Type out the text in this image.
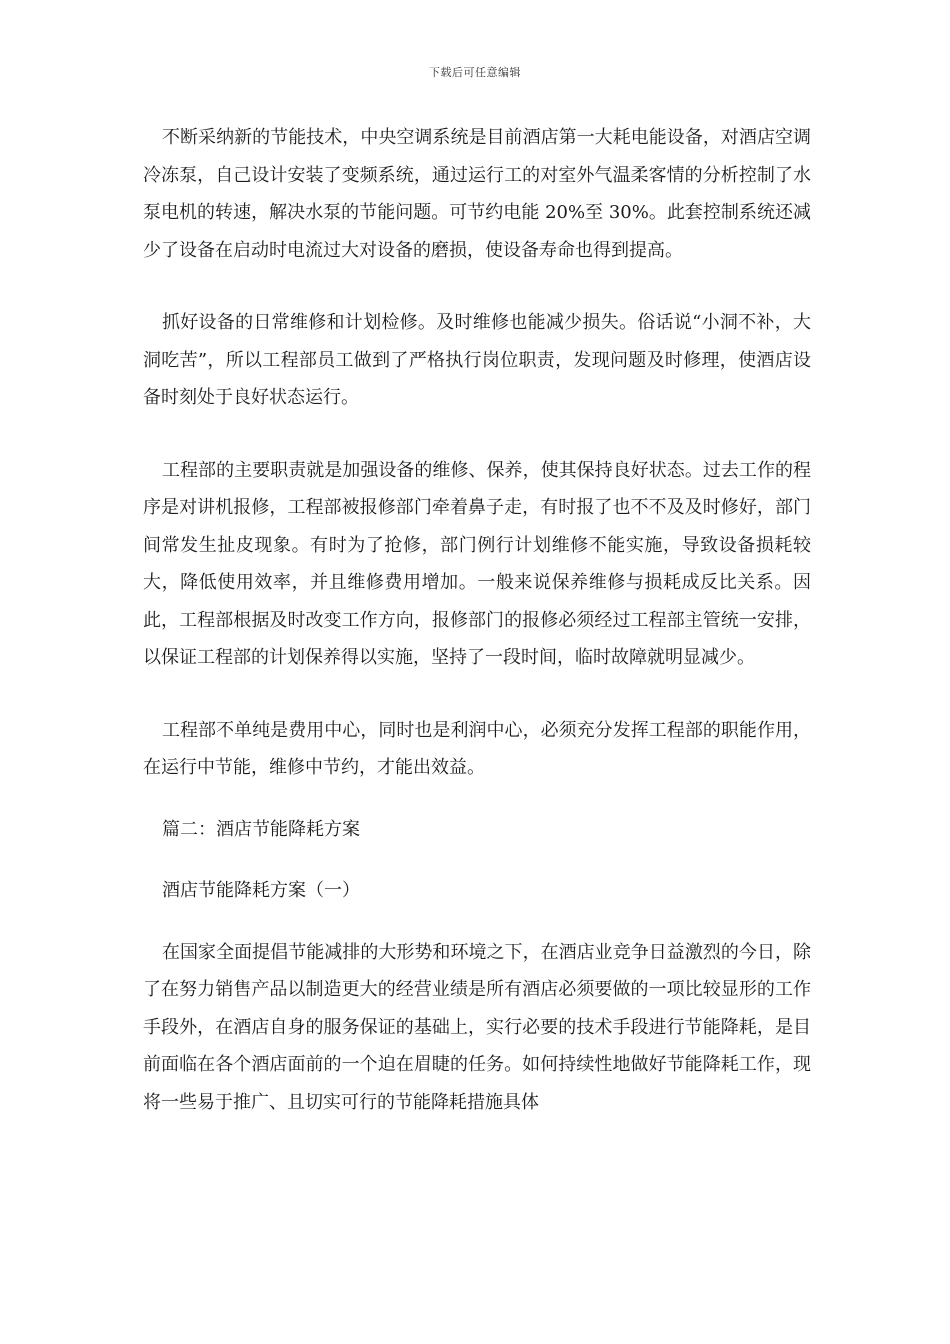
下载后可任意编辑

不断采纳新的节能技术，中央空调系统是目前酒店第一大耗电能设备，对酒店空调冷冻泵，自己设计安装了变频系统，通过运行工的对室外气温柔客情的分析控制了水泵电机的转速，解决水泵的节能问题。可节约电能 20%至 30%。此套控制系统还减少了设备在启动时电流过大对设备的磨损，使设备寿命也得到提高。

抓好设备的日常维修和计划检修。及时维修也能减少损失。俗话说“小洞不补，大洞吃苦”，所以工程部员工做到了严格执行岗位职责，发现问题及时修理，使酒店设备时刻处于良好状态运行。

工程部的主要职责就是加强设备的维修、保养，使其保持良好状态。过去工作的程序是对讲机报修，工程部被报修部门牵着鼻子走，有时报了也不不及及时修好，部门间常发生扯皮现象。有时为了抢修，部门例行计划维修不能实施，导致设备损耗较大，降低使用效率，并且维修费用增加。一般来说保养维修与损耗成反比关系。因此，工程部根据及时改变工作方向，报修部门的报修必须经过工程部主管统一安排，以保证工程部的计划保养得以实施，坚持了一段时间，临时故障就明显减少。

工程部不单纯是费用中心，同时也是利润中心，必须充分发挥工程部的职能作用，在运行中节能，维修中节约，才能出效益。

篇二：酒店节能降耗方案

酒店节能降耗方案（一）

在国家全面提倡节能减排的大形势和环境之下，在酒店业竞争日益激烈的今日，除了在努力销售产品以制造更大的经营业绩是所有酒店必须要做的一项比较显形的工作手段外，在酒店自身的服务保证的基础上，实行必要的技术手段进行节能降耗，是目前面临在各个酒店面前的一个迫在眉睫的任务。如何持续性地做好节能降耗工作，现将一些易于推广、且切实可行的节能降耗措施具体
